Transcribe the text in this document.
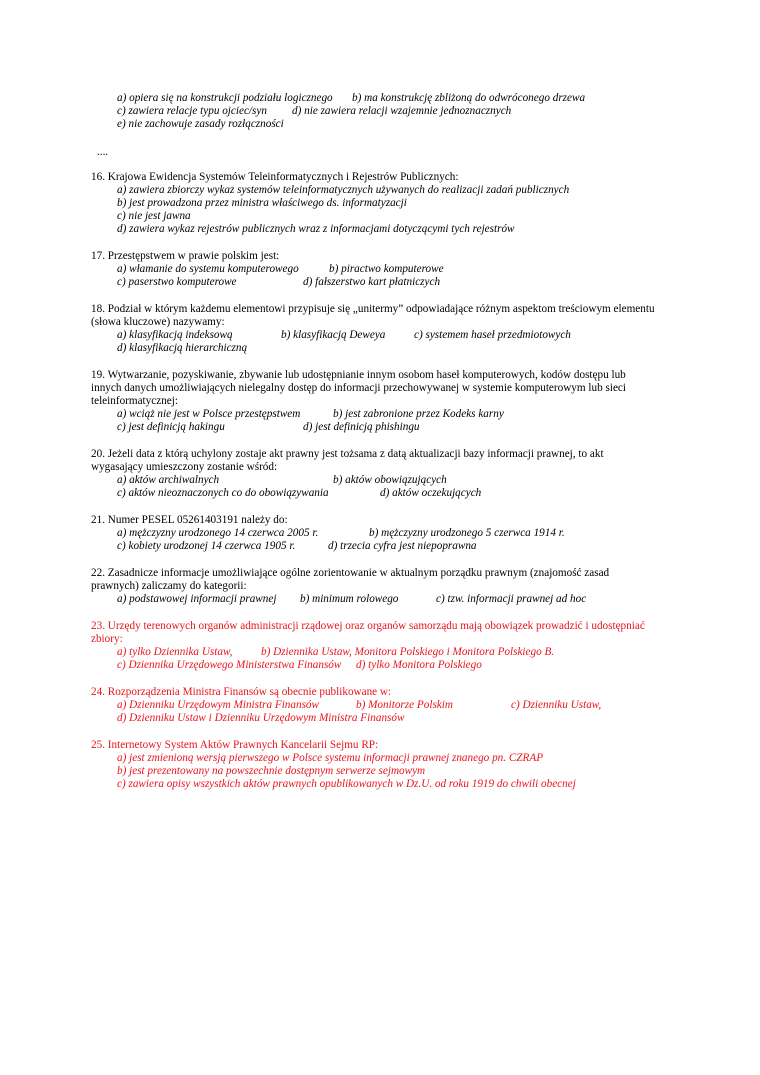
a) opiera się na konstrukcji podziału logicznego b) ma konstrukcję zbliżoną do odwróconego drzewa
c) zawiera relacje typu ojciec/syn d) nie zawiera relacji wzajemnie jednoznacznych
e) nie zachowuje zasady rozłączności
....
16. Krajowa Ewidencja Systemów Teleinformatycznych i Rejestrów Publicznych:
a) zawiera zbiorczy wykaz systemów teleinformatycznych używanych do realizacji zadań publicznych
b) jest prowadzona przez ministra właściwego ds. informatyzacji
c) nie jest jawna
d) zawiera wykaz rejestrów publicznych wraz z informacjami dotyczącymi tych rejestrów
17. Przestępstwem w prawie polskim jest:
a) włamanie do systemu komputerowego	b) piractwo komputerowe
c) paserstwo komputerowe	d) fałszerstwo kart płatniczych
18. Podział w którym każdemu elementowi przypisuje się „unitermy” odpowiadające różnym aspektom treściowym elementu
(słowa kluczowe) nazywamy:
a) klasyfikacją indeksową	b) klasyfikacją Deweya	c) systemem haseł przedmiotowych
d) klasyfikacją hierarchiczną
19. Wytwarzanie, pozyskiwanie, zbywanie lub udostępnianie innym osobom haseł komputerowych, kodów dostępu lub
innych danych umożliwiających nielegalny dostęp do informacji przechowywanej w systemie komputerowym lub sieci
teleinformatycznej:
a) wciąż nie jest w Polsce przestępstwem	b) jest zabronione przez Kodeks karny
c) jest definicją hakingu	d) jest definicją phishingu
20. Jeżeli data z którą uchylony zostaje akt prawny jest tożsama z datą aktualizacji bazy informacji prawnej, to akt
wygasający umieszczony zostanie wśród:
a) aktów archiwalnych	b) aktów obowiązujących
c) aktów nieoznaczonych co do obowiązywania	d) aktów oczekujących
21. Numer PESEL 05261403191 należy do:
a) mężczyzny urodzonego 14 czerwca 2005 r.	b) mężczyzny urodzonego 5 czerwca 1914 r.
c) kobiety urodzonej 14 czerwca 1905 r.	d) trzecia cyfra jest niepoprawna
22. Zasadnicze informacje umożliwiające ogólne zorientowanie w aktualnym porządku prawnym (znajomość zasad
prawnych) zaliczamy do kategorii:
a) podstawowej informacji prawnej b) minimum rolowego	c) tzw. informacji prawnej ad hoc
23. Urzędy terenowych organów administracji rządowej oraz organów samorządu mają obowiązek prowadzić i udostępniać
zbiory:
a) tylko Dziennika Ustaw,	b) Dziennika Ustaw, Monitora Polskiego i Monitora Polskiego B.
c) Dziennika Urzędowego Ministerstwa Finansów d) tylko Monitora Polskiego
24. Rozporządzenia Ministra Finansów są obecnie publikowane w:
a) Dzienniku Urzędowym Ministra Finansów	b) Monitorze Polskim	c) Dzienniku Ustaw,
d) Dzienniku Ustaw i Dzienniku Urzędowym Ministra Finansów
25. Internetowy System Aktów Prawnych Kancelarii Sejmu RP:
a) jest zmienioną wersją pierwszego w Polsce systemu informacji prawnej znanego pn. CZRAP
b) jest prezentowany na powszechnie dostępnym serwerze sejmowym
c) zawiera opisy wszystkich aktów prawnych opublikowanych w Dz.U. od roku 1919 do chwili obecnej
